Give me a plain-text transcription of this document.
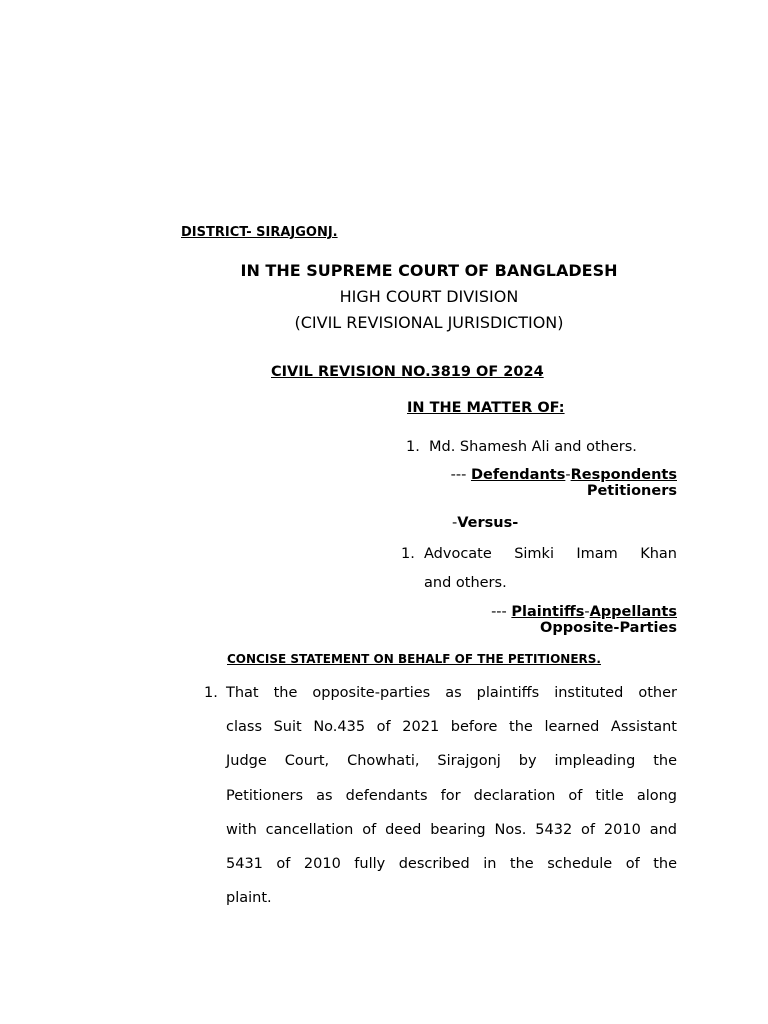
DISTRICT- SIRAJGONJ.
IN THE SUPREME COURT OF BANGLADESH
HIGH COURT DIVISION
(CIVIL REVISIONAL JURISDICTION)
CIVIL REVISION NO.3819 OF 2024
IN THE MATTER OF:
1. Md. Shamesh Ali and others.
--- Defendants-Respondents
Petitioners
-Versus-
1. Advocate Simki Imam Khan
and others.
--- Plaintiffs-Appellants
Opposite-Parties
CONCISE STATEMENT ON BEHALF OF THE PETITIONERS.
1. That the opposite-parties as plaintiffs instituted other
class Suit No.435 of 2021 before the learned Assistant
Judge Court, Chowhati, Sirajgonj by impleading the
Petitioners as defendants for declaration of title along
with cancellation of deed bearing Nos. 5432 of 2010 and
5431 of 2010 fully described in the schedule of the
plaint.
